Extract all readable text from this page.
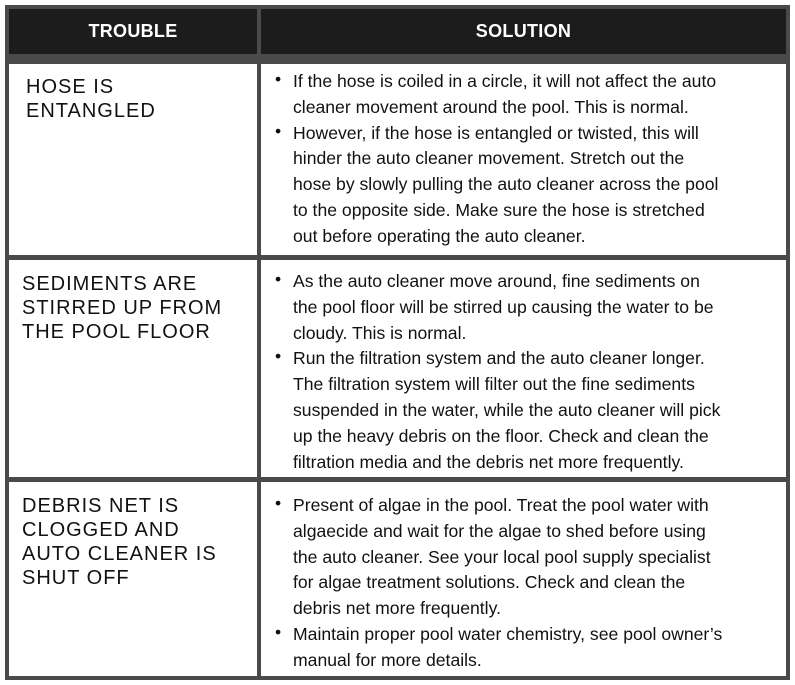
TROUBLE	SOLUTION
HOSE IS
ENTANGLED
• If the hose is coiled in a circle, it will not affect the auto
cleaner movement around the pool. This is normal.
• However, if the hose is entangled or twisted, this will
hinder the auto cleaner movement. Stretch out the
hose by slowly pulling the auto cleaner across the pool
to the opposite side. Make sure the hose is stretched
out before operating the auto cleaner.
SEDIMENTS ARE
STIRRED UP FROM
THE POOL FLOOR
• As the auto cleaner move around, fine sediments on
the pool floor will be stirred up causing the water to be
cloudy. This is normal.
• Run the filtration system and the auto cleaner longer.
The filtration system will filter out the fine sediments
suspended in the water, while the auto cleaner will pick
up the heavy debris on the floor. Check and clean the
filtration media and the debris net more frequently.
DEBRIS NET IS
CLOGGED AND
AUTO CLEANER IS
SHUT OFF
• Present of algae in the pool. Treat the pool water with
algaecide and wait for the algae to shed before using
the auto cleaner. See your local pool supply specialist
for algae treatment solutions. Check and clean the
debris net more frequently.
• Maintain proper pool water chemistry, see pool owner’s
manual for more details.
